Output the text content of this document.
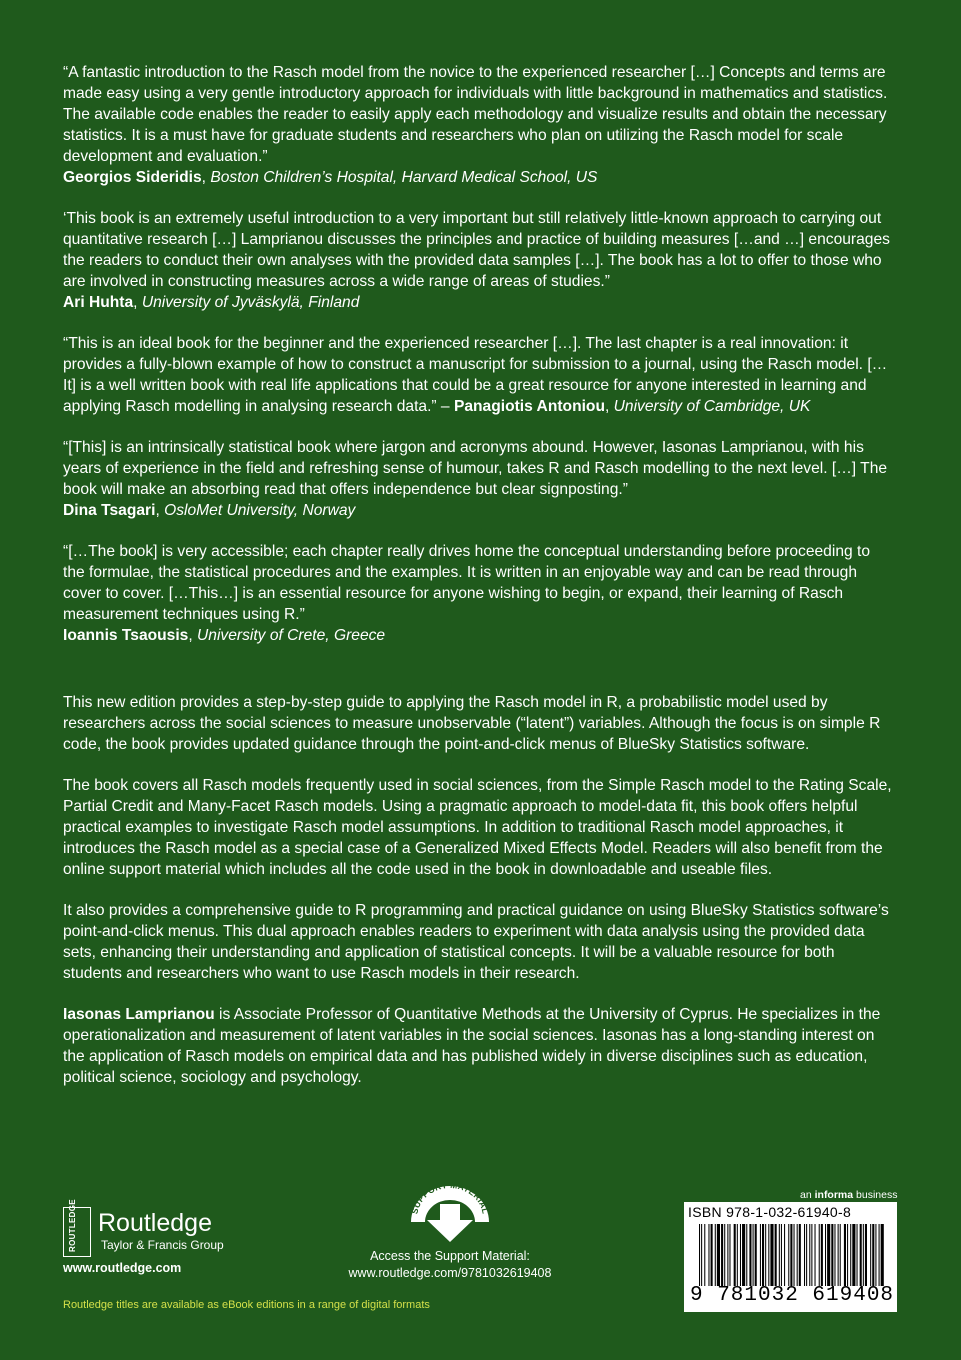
“A fantastic introduction to the Rasch model from the novice to the experienced researcher […] Concepts and terms are made easy using a very gentle introductory approach for individuals with little background in mathematics and statistics. The available code enables the reader to easily apply each methodology and visualize results and obtain the necessary statistics. It is a must have for graduate students and researchers who plan on utilizing the Rasch model for scale development and evaluation.”
Georgios Sideridis, Boston Children’s Hospital, Harvard Medical School, US

‘This book is an extremely useful introduction to a very important but still relatively little-known approach to carrying out quantitative research […] Lamprianou discusses the principles and practice of building measures […and …] encourages the readers to conduct their own analyses with the provided data samples […]. The book has a lot to offer to those who are involved in constructing measures across a wide range of areas of studies.”
Ari Huhta, University of Jyväskylä, Finland

“This is an ideal book for the beginner and the experienced researcher […]. The last chapter is a real innovation: it provides a fully-blown example of how to construct a manuscript for submission to a journal, using the Rasch model. […It] is a well written book with real life applications that could be a great resource for anyone interested in learning and applying Rasch modelling in analysing research data.” – Panagiotis Antoniou, University of Cambridge, UK

“[This] is an intrinsically statistical book where jargon and acronyms abound. However, Iasonas Lamprianou, with his years of experience in the field and refreshing sense of humour, takes R and Rasch modelling to the next level. […] The book will make an absorbing read that offers independence but clear signposting.”
Dina Tsagari, OsloMet University, Norway

“[…The book] is very accessible; each chapter really drives home the conceptual understanding before proceeding to the formulae, the statistical procedures and the examples. It is written in an enjoyable way and can be read through cover to cover. […This…] is an essential resource for anyone wishing to begin, or expand, their learning of Rasch measurement techniques using R.”
Ioannis Tsaousis, University of Crete, Greece

This new edition provides a step-by-step guide to applying the Rasch model in R, a probabilistic model used by researchers across the social sciences to measure unobservable (“latent”) variables. Although the focus is on simple R code, the book provides updated guidance through the point-and-click menus of BlueSky Statistics software.

The book covers all Rasch models frequently used in social sciences, from the Simple Rasch model to the Rating Scale, Partial Credit and Many-Facet Rasch models. Using a pragmatic approach to model-data fit, this book offers helpful practical examples to investigate Rasch model assumptions. In addition to traditional Rasch model approaches, it introduces the Rasch model as a special case of a Generalized Mixed Effects Model. Readers will also benefit from the online support material which includes all the code used in the book in downloadable and useable files.

It also provides a comprehensive guide to R programming and practical guidance on using BlueSky Statistics software’s point-and-click menus. This dual approach enables readers to experiment with data analysis using the provided data sets, enhancing their understanding and application of statistical concepts. It will be a valuable resource for both students and researchers who want to use Rasch models in their research.

Iasonas Lamprianou is Associate Professor of Quantitative Methods at the University of Cyprus. He specializes in the operationalization and measurement of latent variables in the social sciences. Iasonas has a long-standing interest on the application of Rasch models on empirical data and has published widely in diverse disciplines such as education, political science, sociology and psychology.

ROUTLEDGE Routledge
Taylor & Francis Group
www.routledge.com
SUPPORT MATERIAL
Access the Support Material:
www.routledge.com/9781032619408
an informa business
ISBN 978-1-032-61940-8
9 781032 619408
Routledge titles are available as eBook editions in a range of digital formats
